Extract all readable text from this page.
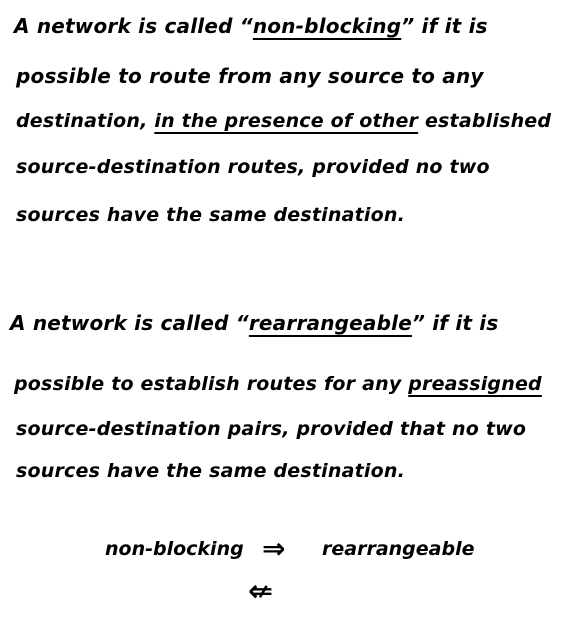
A network is called “non-blocking” if it is
possible to route from any source to any
destination, in the presence of other established
source-destination routes, provided no two
sources have the same destination.
A network is called “rearrangeable” if it is
possible to establish routes for any preassigned
source-destination pairs, provided that no two
sources have the same destination.
non-blocking ⇒ rearrangeable
⇍
